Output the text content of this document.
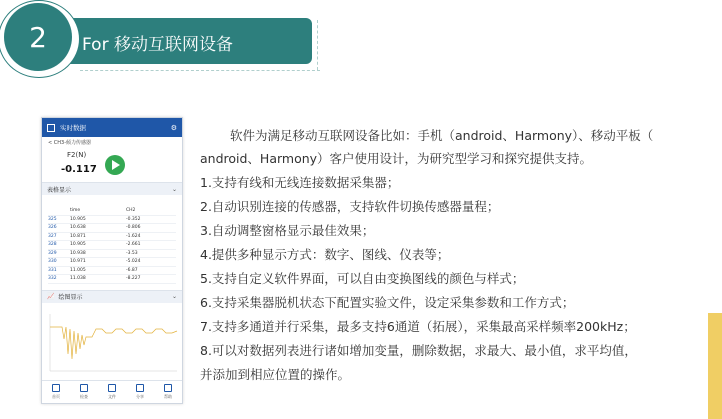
2	For 移动互联网设备
实时数据	⚙
< CH3-倾力传感器
F2(N)
-0.117
表格显示	⌄
time	CH2
325	10.905	-0.352
326	10.638	-0.806
327	10.871	-1.624
328	10.905	-2.661
329	10.938	-3.53
330	10.971	-5.024
331	11.005	-6.87
332	11.038	-8.227
📈 绘图显示	⌄
首页	检查	文件	分享	帮助
软件为满足移动互联网设备比如：手机（android、Harmony）、移动平板（
android、Harmony）客户使用设计，为研究型学习和探究提供支持。
1.支持有线和无线连接数据采集器；
2.自动识别连接的传感器，支持软件切换传感器量程；
3.自动调整窗格显示最佳效果；
4.提供多种显示方式：数字、图线、仪表等；
5.支持自定义软件界面，可以自由变换图线的颜色与样式；
6.支持采集器脱机状态下配置实验文件，设定采集参数和工作方式；
7.支持多通道并行采集，最多支持6通道（拓展），采集最高采样频率200kHz；
8.可以对数据列表进行诸如增加变量，删除数据，求最大、最小值，求平均值，
并添加到相应位置的操作。
